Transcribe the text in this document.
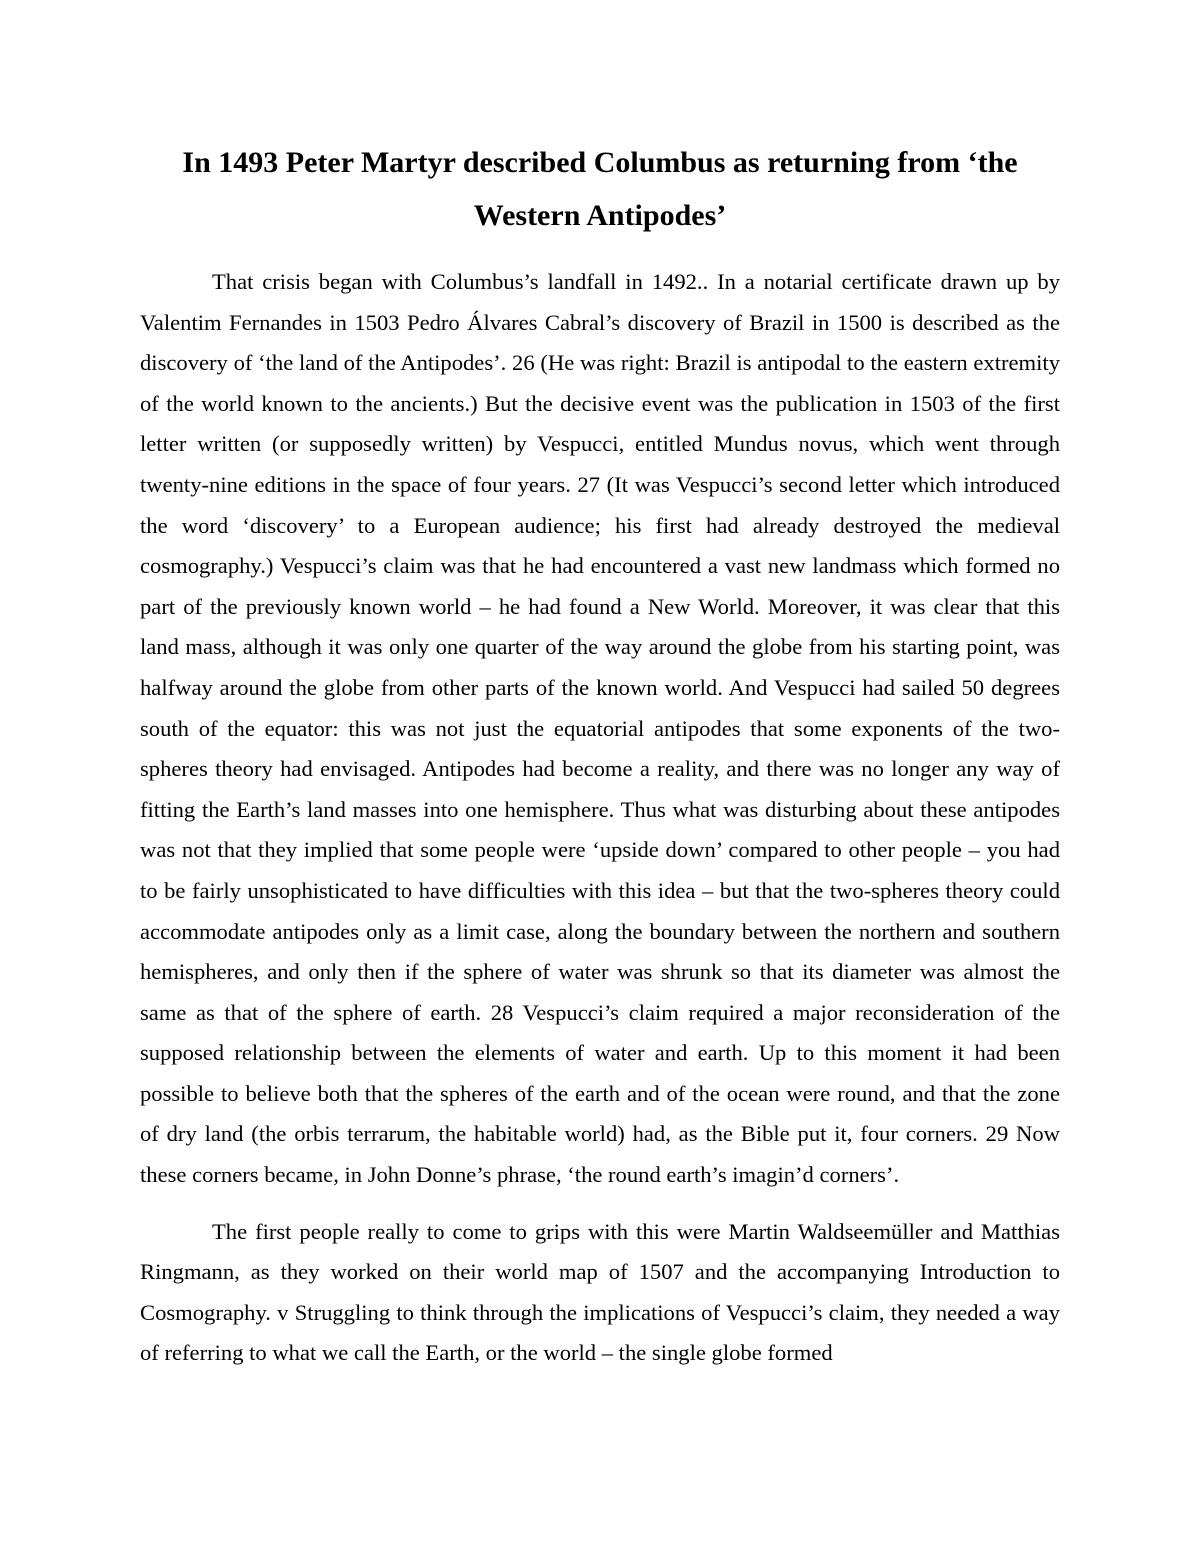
In 1493 Peter Martyr described Columbus as returning from ‘the Western Antipodes’

That crisis began with Columbus’s landfall in 1492.. In a notarial certificate drawn up by Valentim Fernandes in 1503 Pedro Álvares Cabral’s discovery of Brazil in 1500 is described as the discovery of ‘the land of the Antipodes’. 26 (He was right: Brazil is antipodal to the eastern extremity of the world known to the ancients.) But the decisive event was the publication in 1503 of the first letter written (or supposedly written) by Vespucci, entitled Mundus novus, which went through twenty-nine editions in the space of four years. 27 (It was Vespucci’s second letter which introduced the word ‘discovery’ to a European audience; his first had already destroyed the medieval cosmography.) Vespucci’s claim was that he had encountered a vast new landmass which formed no part of the previously known world – he had found a New World. Moreover, it was clear that this land mass, although it was only one quarter of the way around the globe from his starting point, was halfway around the globe from other parts of the known world. And Vespucci had sailed 50 degrees south of the equator: this was not just the equatorial antipodes that some exponents of the two-spheres theory had envisaged. Antipodes had become a reality, and there was no longer any way of fitting the Earth’s land masses into one hemisphere. Thus what was disturbing about these antipodes was not that they implied that some people were ‘upside down’ compared to other people – you had to be fairly unsophisticated to have difficulties with this idea – but that the two-spheres theory could accommodate antipodes only as a limit case, along the boundary between the northern and southern hemispheres, and only then if the sphere of water was shrunk so that its diameter was almost the same as that of the sphere of earth. 28 Vespucci’s claim required a major reconsideration of the supposed relationship between the elements of water and earth. Up to this moment it had been possible to believe both that the spheres of the earth and of the ocean were round, and that the zone of dry land (the orbis terrarum, the habitable world) had, as the Bible put it, four corners. 29 Now these corners became, in John Donne’s phrase, ‘the round earth’s imagin’d corners’.

The first people really to come to grips with this were Martin Waldseemüller and Matthias Ringmann, as they worked on their world map of 1507 and the accompanying Introduction to Cosmography. v Struggling to think through the implications of Vespucci’s claim, they needed a way of referring to what we call the Earth, or the world – the single globe formed
